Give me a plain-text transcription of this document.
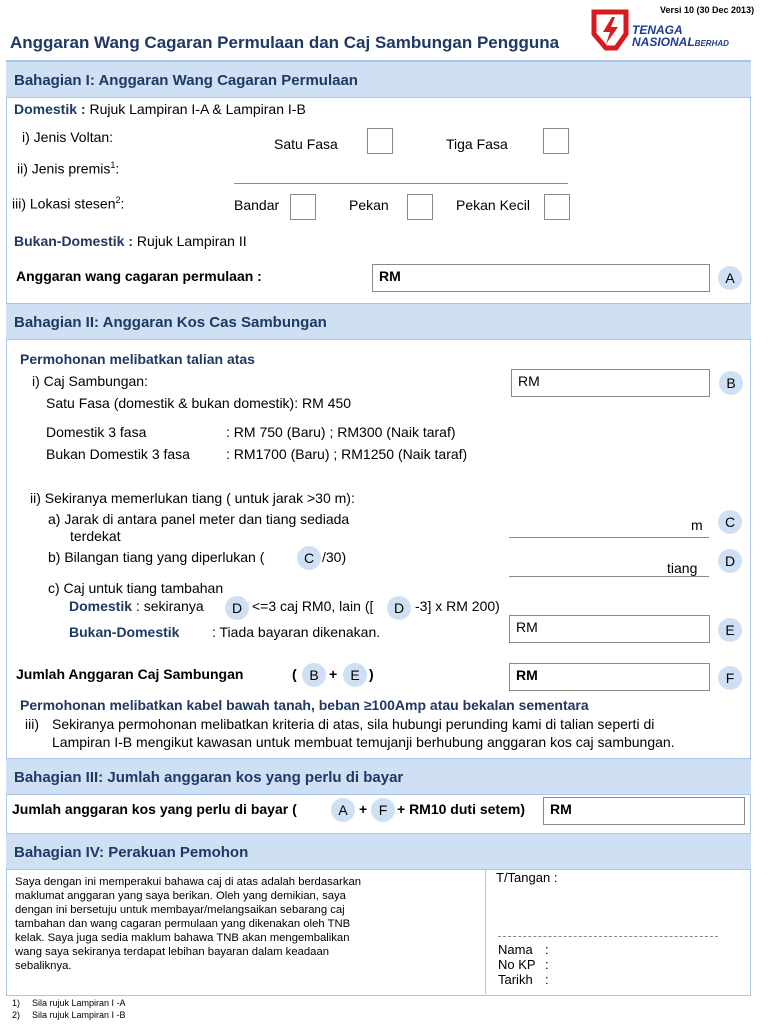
Versi 10 (30 Dec 2013)
Anggaran Wang Cagaran Permulaan dan Caj Sambungan Pengguna
TENAGA
NASIONALBERHAD
Bahagian I: Anggaran Wang Cagaran Permulaan
Domestik : Rujuk Lampiran I-A & Lampiran I-B
i) Jenis Voltan:	Satu Fasa	Tiga Fasa
ii) Jenis premis$^1$:
iii) Lokasi stesen$^2$:	Bandar	Pekan	Pekan Kecil
Bukan-Domestik : Rujuk Lampiran II
Anggaran wang cagaran permulaan :	RM	A
Bahagian II: Anggaran Kos Cas Sambungan
Permohonan melibatkan talian atas
i) Caj Sambungan:	RM	B
Satu Fasa (domestik & bukan domestik): RM 450
Domestik 3 fasa	: RM 750 (Baru) ; RM300 (Naik taraf)
Bukan Domestik 3 fasa	: RM1700 (Baru) ; RM1250 (Naik taraf)
ii) Sekiranya memerlukan tiang ( untuk jarak >30 m):
a) Jarak di antara panel meter dan tiang sediada
terdekat
m	C
b) Bilangan tiang yang diperlukan (	C /30)
tiang	D
c) Caj untuk tiang tambahan
Domestik : sekiranya	D <=3 caj RM0, lain ([	D -3] x RM 200)
Bukan-Domestik : Tiada bayaran dikenakan.	RM	E
Jumlah Anggaran Caj Sambungan	( B + E )	RM	F
Permohonan melibatkan kabel bawah tanah, beban ≥100Amp atau bekalan sementara
iii) Sekiranya permohonan melibatkan kriteria di atas, sila hubungi perunding kami di talian seperti di
Lampiran I-B mengikut kawasan untuk membuat temujanji berhubung anggaran kos caj sambungan.
Bahagian III: Jumlah anggaran kos yang perlu di bayar
Jumlah anggaran kos yang perlu di bayar (	A + F + RM10 duti setem) RM
Bahagian IV: Perakuan Pemohon
Saya dengan ini memperakui bahawa caj di atas adalah berdasarkan
maklumat anggaran yang saya berikan. Oleh yang demikian, saya
dengan ini bersetuju untuk membayar/melangsaikan sebarang caj
tambahan dan wang cagaran permulaan yang dikenakan oleh TNB
kelak. Saya juga sedia maklum bahawa TNB akan mengembalikan
wang saya sekiranya terdapat lebihan bayaran dalam keadaan
sebaliknya.
T/Tangan :
Nama :
No KP :
Tarikh :
1) Sila rujuk Lampiran I -A
2) Sila rujuk Lampiran I -B
